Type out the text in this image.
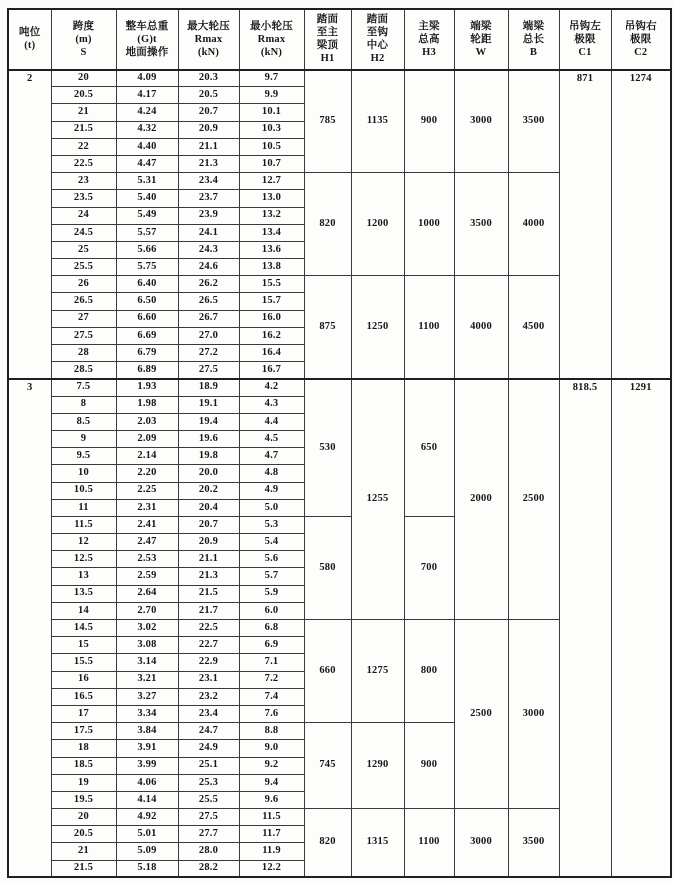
吨位
(t)

跨度
(m)
S

整车总重
(G)t
地面操作

最大轮压
Rmax
(kN)

最小轮压
Rmax
(kN)

踏面
至主
梁顶
H1

踏面
至钩
中心
H2

主梁
总高
H3

端梁
轮距
W

端梁
总长
B

吊钩左
极限
C1

吊钩右
极限
C2

2	20	4.09	20.3	9.7	785	1135	900	3000	3500	871	1274
	20.5	4.17	20.5	9.9							
	21	4.24	20.7	10.1							
	21.5	4.32	20.9	10.3							
	22	4.40	21.1	10.5							
	22.5	4.47	21.3	10.7							
	23	5.31	23.4	12.7	820	1200	1000	3500	4000		
	23.5	5.40	23.7	13.0							
	24	5.49	23.9	13.2							
	24.5	5.57	24.1	13.4							
	25	5.66	24.3	13.6							
	25.5	5.75	24.6	13.8							
	26	6.40	26.2	15.5	875	1250	1100	4000	4500		
	26.5	6.50	26.5	15.7							
	27	6.60	26.7	16.0							
	27.5	6.69	27.0	16.2							
	28	6.79	27.2	16.4							
	28.5	6.89	27.5	16.7							
3	7.5	1.93	18.9	4.2	530	1255	650	2000	2500	818.5	1291
	8	1.98	19.1	4.3							
	8.5	2.03	19.4	4.4							
	9	2.09	19.6	4.5							
	9.5	2.14	19.8	4.7							
	10	2.20	20.0	4.8							
	10.5	2.25	20.2	4.9							
	11	2.31	20.4	5.0							
	11.5	2.41	20.7	5.3	580		700				
	12	2.47	20.9	5.4							
	12.5	2.53	21.1	5.6							
	13	2.59	21.3	5.7							
	13.5	2.64	21.5	5.9							
	14	2.70	21.7	6.0							
	14.5	3.02	22.5	6.8	660	1275	800	2500	3000		
	15	3.08	22.7	6.9							
	15.5	3.14	22.9	7.1							
	16	3.21	23.1	7.2							
	16.5	3.27	23.2	7.4							
	17	3.34	23.4	7.6							
	17.5	3.84	24.7	8.8	745	1290	900				
	18	3.91	24.9	9.0							
	18.5	3.99	25.1	9.2							
	19	4.06	25.3	9.4							
	19.5	4.14	25.5	9.6							
	20	4.92	27.5	11.5	820	1315	1100	3000	3500		
	20.5	5.01	27.7	11.7							
	21	5.09	28.0	11.9							
	21.5	5.18	28.2	12.2							
